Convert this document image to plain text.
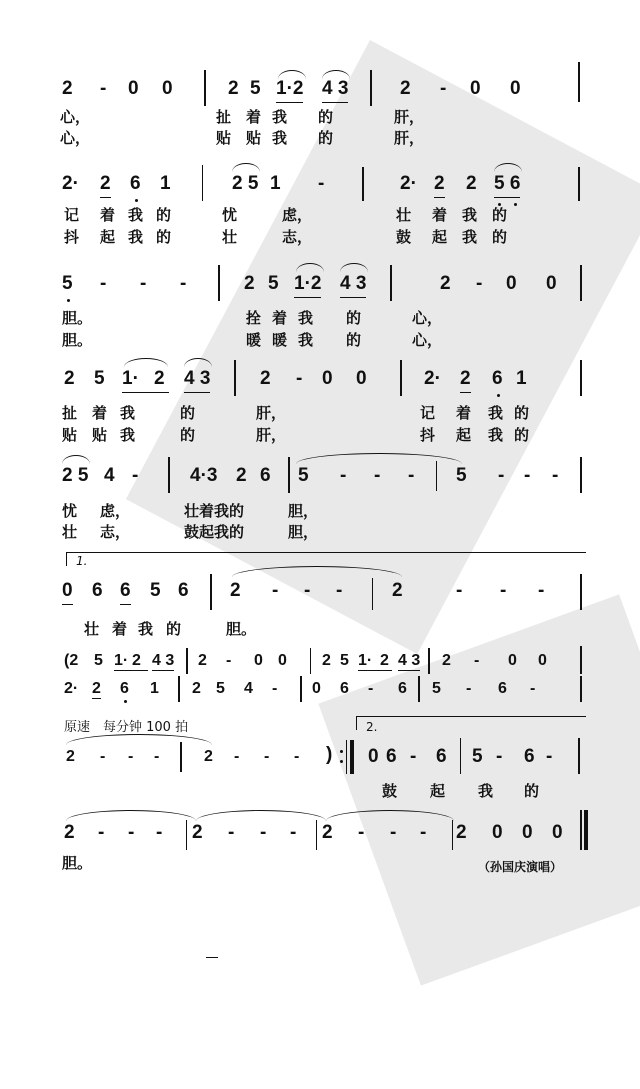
2 - 0 0	2 5 1·2 4 3	2 - 0 0

心，	扯 着 我 的	肝，

心，	贴 贴 我 的	肝，

2· 2 6 1	2 5 1 -	2· 2 2 5 6

记 着 我 的	忧	虑，	壮 着 我 的

抖 起 我 的	壮	志，	鼓 起 我 的

5 - - -	2 5 1·2 4 3	2 - 0 0

胆。	拴 着 我 的	心，

胆。	暖 暖 我 的	心，

2 5 1· 2 4 3	2 - 0 0	2· 2 6 1

扯 着 我	的	肝，	记 着 我 的

贴 贴 我	的	肝，	抖 起 我 的

2 5 4 -	4·3 2 6 5 - - - 5 - - -

忧 虑，	壮着我的	胆，

壮 志，	鼓起我的	胆，

1.
0 6 6 5 6 2 - - -	2	- - -

壮 着 我 的	胆。

(2 5 1· 2 4 3 2 - 0 0 2 5 1· 2 4 3 2 - 0 0
2· 2 6 1 2 5 4 - 0 6 - 6 5 - 6 -
原速　每分钟 100 拍	2.
2 - - -	2 - - - ) 0 6 - 6 5 - 6 -

鼓 起 我 的

2 - - - 2 - - - 2 - - - 2 0 0 0
胆。	（孙国庆演唱）
